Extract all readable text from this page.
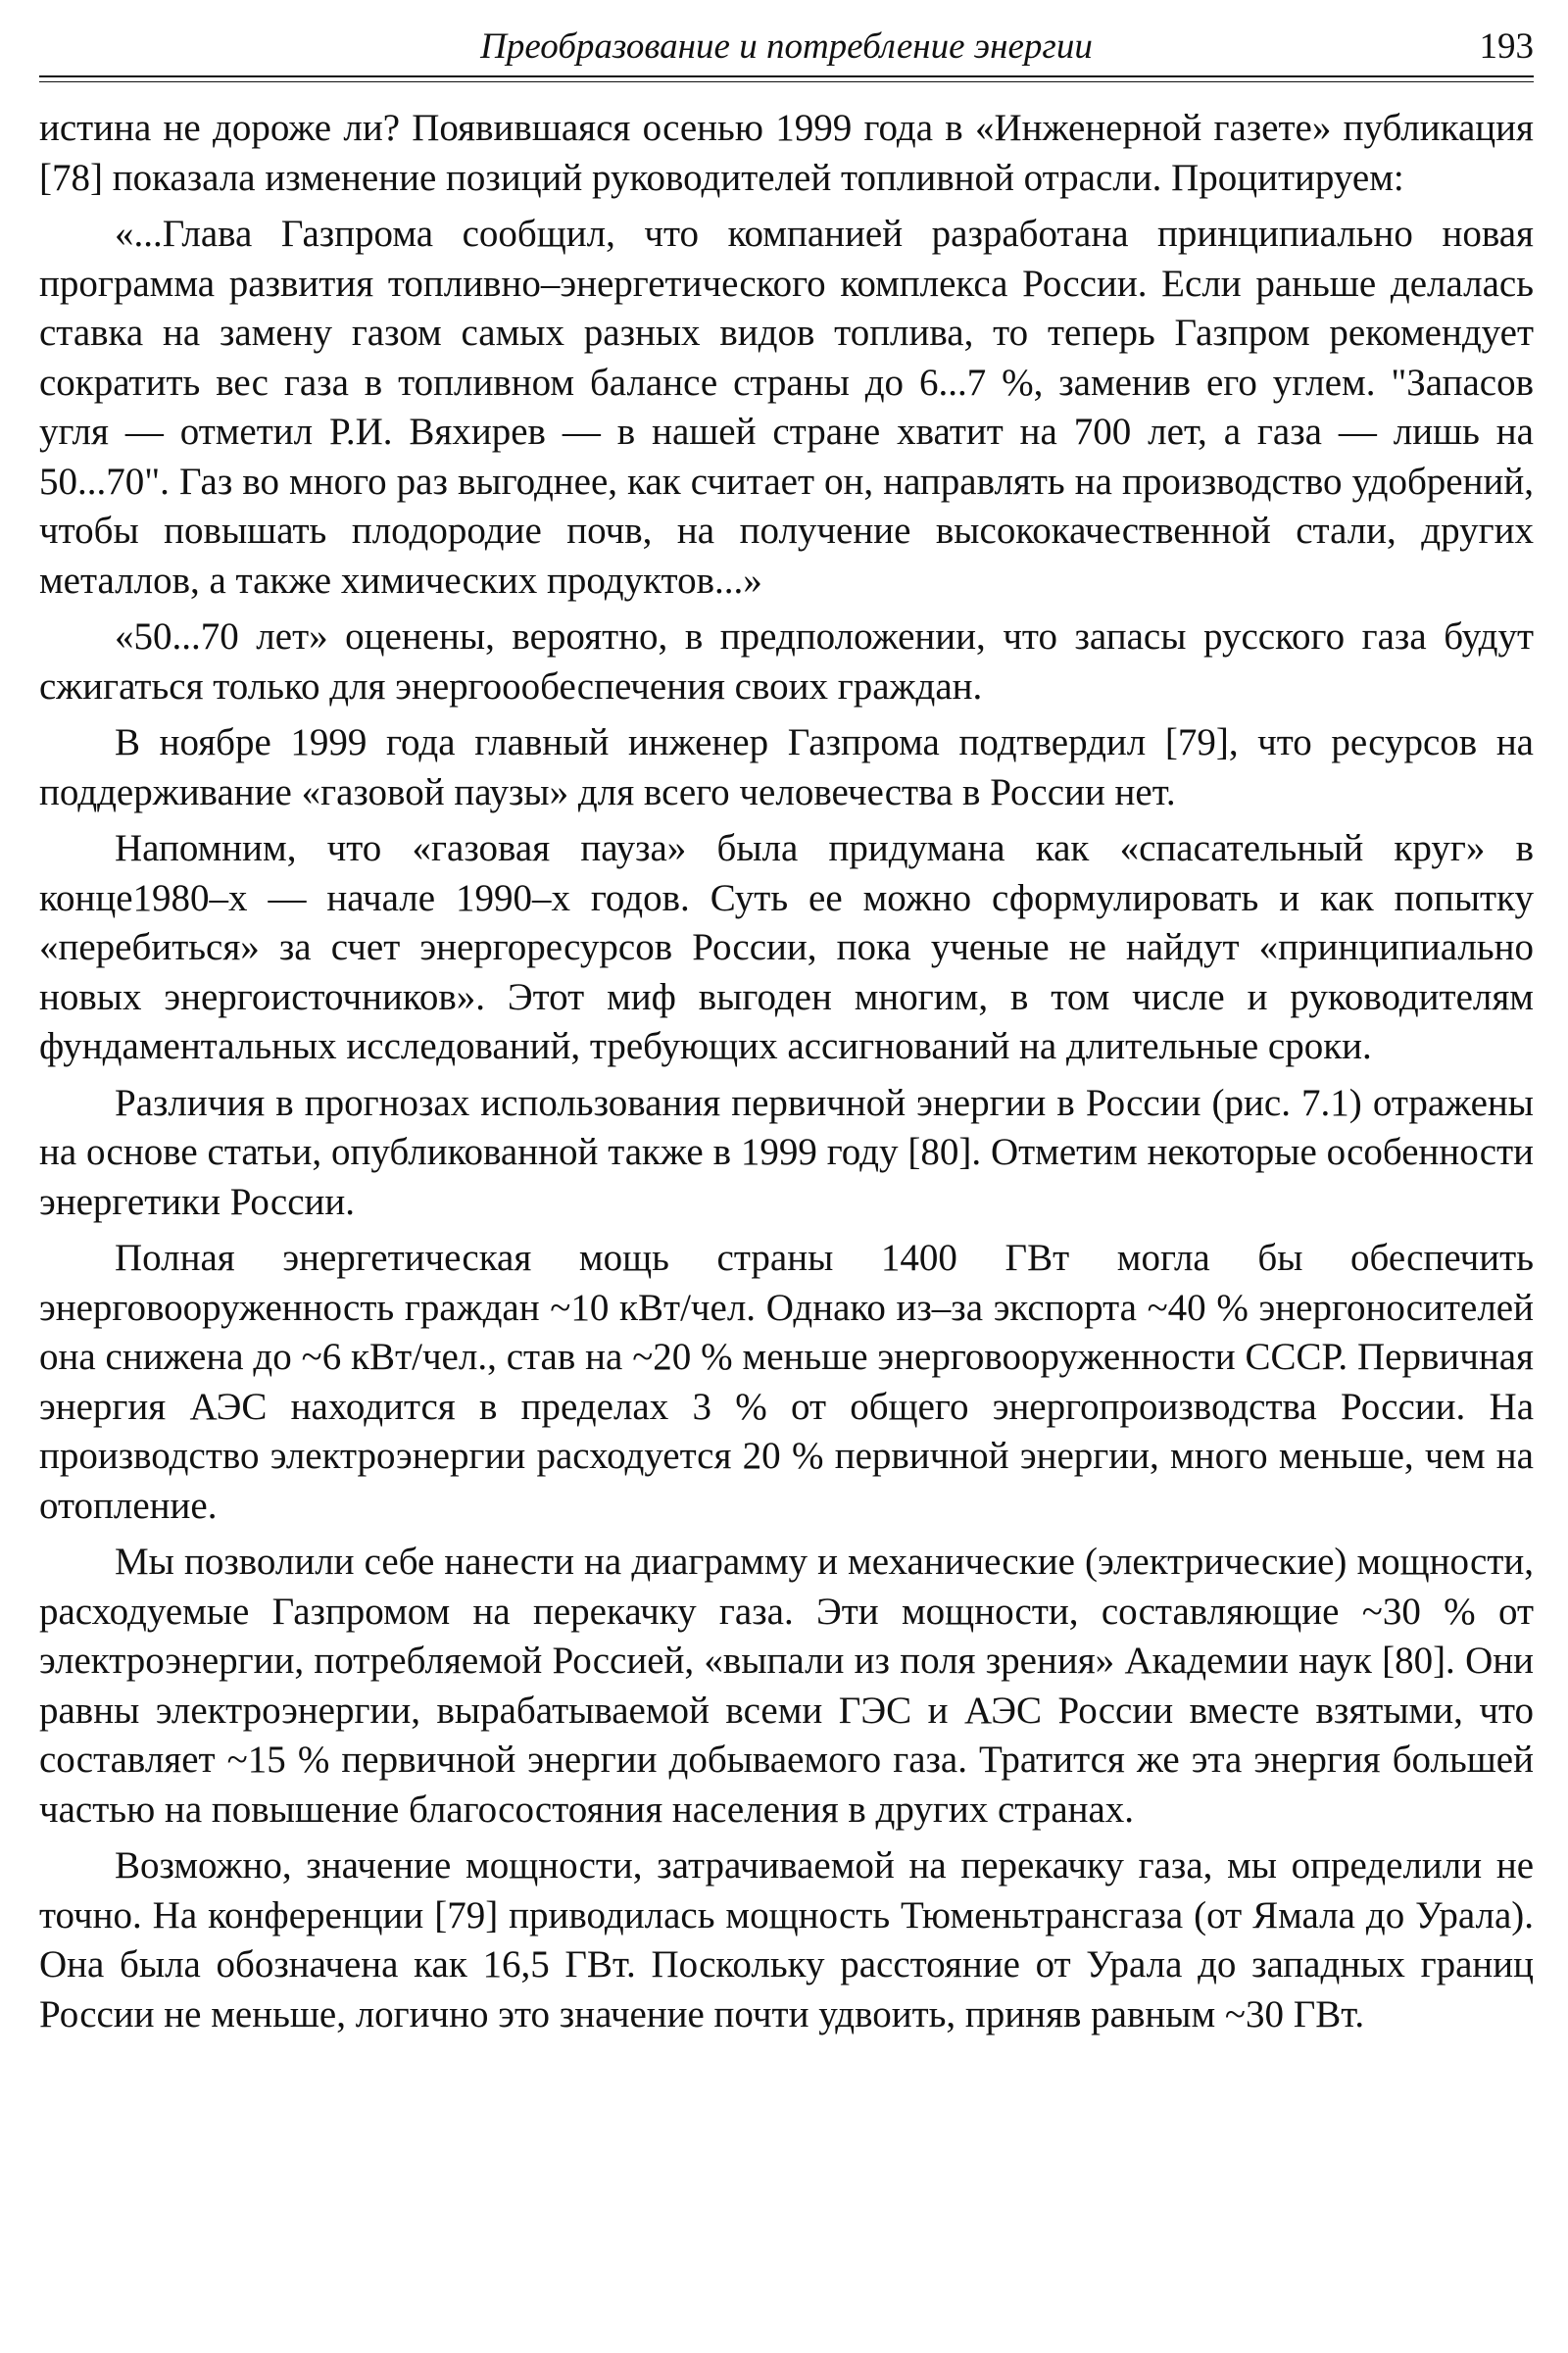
Преобразование и потребление энергии	193

истина не дороже ли? Появившаяся осенью 1999 года в «Инженерной газете» публикация [78] показала изменение позиций руководителей топливной отрасли. Процитируем:

«...Глава Газпрома сообщил, что компанией разработана принципиально новая программа развития топливно–энергетического комплекса России. Если раньше делалась ставка на замену газом самых разных видов топлива, то теперь Газпром рекомендует сократить вес газа в топливном балансе страны до 6...7 %, заменив его углем. "Запасов угля — отметил Р.И. Вяхирев — в нашей стране хватит на 700 лет, а газа — лишь на 50...70". Газ во много раз выгоднее, как считает он, направлять на производство удобрений, чтобы повышать плодородие почв, на получение высококачественной стали, других металлов, а также химических продуктов...»

«50...70 лет» оценены, вероятно, в предположении, что запасы русского газа будут сжигаться только для энергоообеспечения своих граждан.

В ноябре 1999 года главный инженер Газпрома подтвердил [79], что ресурсов на поддерживание «газовой паузы» для всего человечества в России нет.

Напомним, что «газовая пауза» была придумана как «спасательный круг» в конце1980–х — начале 1990–х годов. Суть ее можно сформулировать и как попытку «перебиться» за счет энергоресурсов России, пока ученые не найдут «принципиально новых энергоисточников». Этот миф выгоден многим, в том числе и руководителям фундаментальных исследований, требующих ассигнований на длительные сроки.

Различия в прогнозах использования первичной энергии в России (рис. 7.1) отражены на основе статьи, опубликованной также в 1999 году [80]. Отметим некоторые особенности энергетики России.

Полная энергетическая мощь страны 1400 ГВт могла бы обеспечить энерговооруженность граждан ~10 кВт/чел. Однако из–за экспорта ~40 % энергоносителей она снижена до ~6 кВт/чел., став на ~20 % меньше энерговооруженности СССР. Первичная энергия АЭС находится в пределах 3 % от общего энергопроизводства России. На производство электроэнергии расходуется 20 % первичной энергии, много меньше, чем на отопление.

Мы позволили себе нанести на диаграмму и механические (электрические) мощности, расходуемые Газпромом на перекачку газа. Эти мощности, составляющие ~30 % от электроэнергии, потребляемой Россией, «выпали из поля зрения» Академии наук [80]. Они равны электроэнергии, вырабатываемой всеми ГЭС и АЭС России вместе взятыми, что составляет ~15 % первичной энергии добываемого газа. Тратится же эта энергия большей частью на повышение благосостояния населения в других странах.

Возможно, значение мощности, затрачиваемой на перекачку газа, мы определили не точно. На конференции [79] приводилась мощность Тюменьтрансгаза (от Ямала до Урала). Она была обозначена как 16,5 ГВт. Поскольку расстояние от Урала до западных границ России не меньше, логично это значение почти удвоить, приняв равным ~30 ГВт.
